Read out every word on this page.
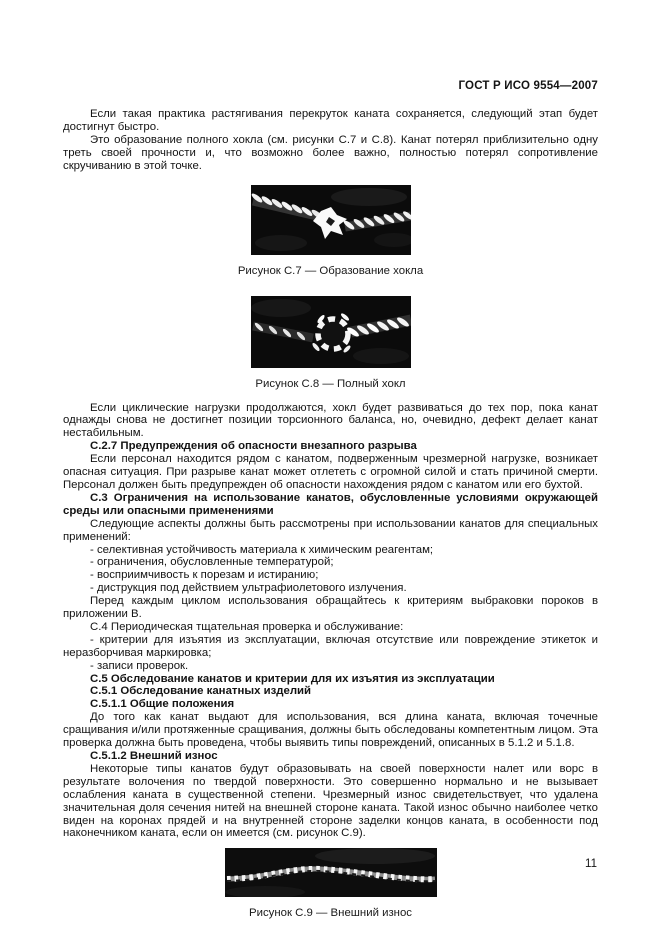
ГОСТ Р ИСО 9554—2007

Если такая практика растягивания перекруток каната сохраняется, следующий этап будет достигнут быстро.

Это образование полного хокла (см. рисунки С.7 и С.8). Канат потерял приблизительно одну треть своей прочности и, что возможно более важно, полностью потерял сопротивление скручиванию в этой точке.

Рисунок С.7 — Образование хокла
Рисунок С.8 — Полный хокл

Если циклические нагрузки продолжаются, хокл будет развиваться до тех пор, пока канат однажды снова не достигнет позиции торсионного баланса, но, очевидно, дефект делает канат нестабильным.

С.2.7 Предупреждения об опасности внезапного разрыва

Если персонал находится рядом с канатом, подверженным чрезмерной нагрузке, возникает опасная ситуация. При разрыве канат может отлететь с огромной силой и стать причиной смерти. Персонал должен быть предупрежден об опасности нахождения рядом с канатом или его бухтой.

С.3 Ограничения на использование канатов, обусловленные условиями окружающей среды или опасными применениями

Следующие аспекты должны быть рассмотрены при использовании канатов для специальных применений:

- селективная устойчивость материала к химическим реагентам;

- ограничения, обусловленные температурой;

- восприимчивость к порезам и истиранию;

- диструкция под действием ультрафиолетового излучения.

Перед каждым циклом использования обращайтесь к критериям выбраковки пороков в приложении В.

С.4 Периодическая тщательная проверка и обслуживание:

- критерии для изъятия из эксплуатации, включая отсутствие или повреждение этикеток и неразборчивая маркировка;

- записи проверок.

С.5 Обследование канатов и критерии для их изъятия из эксплуатации

С.5.1 Обследование канатных изделий

С.5.1.1 Общие положения

До того как канат выдают для использования, вся длина каната, включая точечные сращивания и/или протяженные сращивания, должны быть обследованы компетентным лицом. Эта проверка должна быть проведена, чтобы выявить типы повреждений, описанных в 5.1.2 и 5.1.8.

С.5.1.2 Внешний износ

Некоторые типы канатов будут образовывать на своей поверхности налет или ворс в результате волочения по твердой поверхности. Это совершенно нормально и не вызывает ослабления каната в существенной степени. Чрезмерный износ свидетельствует, что удалена значительная доля сечения нитей на внешней стороне каната. Такой износ обычно наиболее четко виден на коронах прядей и на внутренней стороне заделки концов каната, в особенности под наконечником каната, если он имеется (см. рисунок С.9).

Рисунок С.9 — Внешний износ
11
